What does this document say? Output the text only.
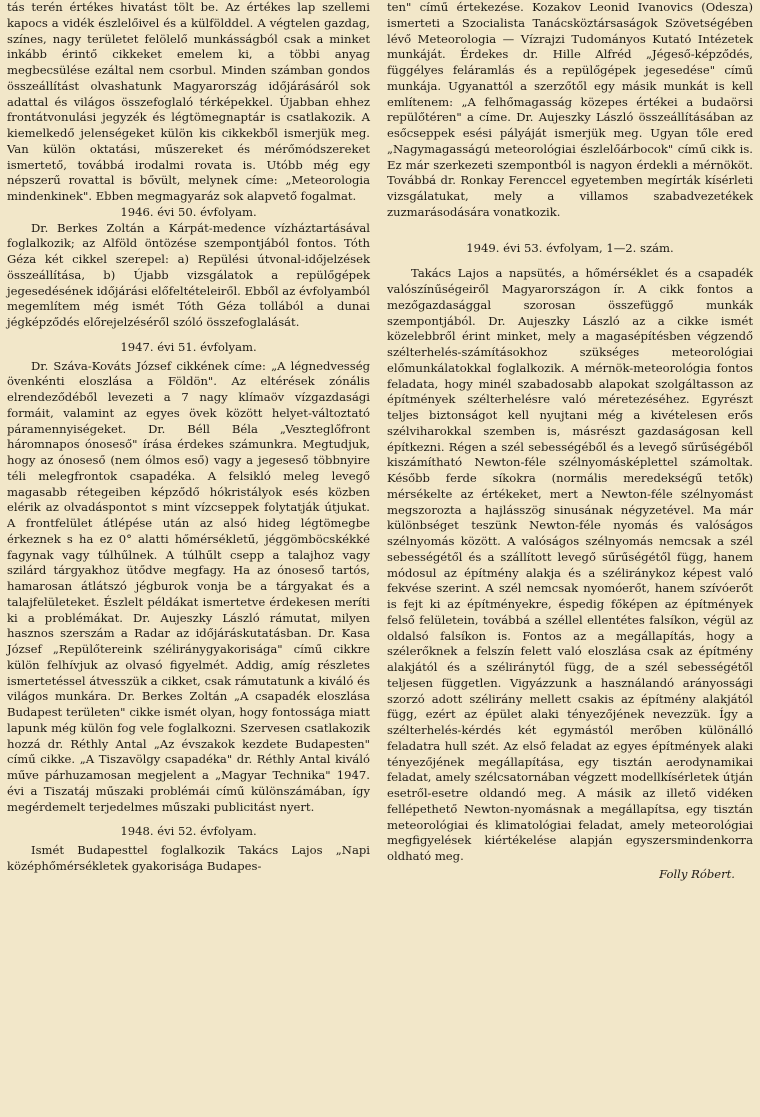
tás terén értékes hivatást tölt be. Az értékes lap szellemi kapocs a vidék észlelőivel és a külfölddel. A végtelen gazdag, színes, nagy területet felölelő munkásságból csak a minket inkább érintő cikkeket emelem ki, a többi anyag megbecsülése ezáltal nem csorbul. Minden számban gondos összeállítást olvashatunk Magyarország időjárásáról sok adattal és világos összefoglaló térképekkel. Újabban ehhez frontátvonulási jegyzék és légtömegnaptár is csatlakozik. A kiemelkedő jelenségeket külön kis cikkekből ismerjük meg. Van külön oktatási, műszereket és mérőmódszereket ismertető, továbbá irodalmi rovata is. Utóbb még egy népszerű rovattal is bővült, melynek címe: „Meteorologia mindenkinek". Ebben megmagyaráz sok alapvető fogalmat.

1946. évi 50. évfolyam.

Dr. Berkes Zoltán a Kárpát-medence vízháztartásával foglalkozik; az Alföld öntözése szempontjából fontos. Tóth Géza két cikkel szerepel: a) Repülési útvonal-időjelzések összeállítása, b) Újabb vizsgálatok a repülőgépek jegesedésének időjárási előfeltételeiről. Ebből az évfolyamból megemlítem még ismét Tóth Géza tollából a dunai jégképződés előrejelzéséről szóló összefoglalását.

1947. évi 51. évfolyam.

Dr. Száva-Kováts József cikkének címe: „A légnedvesség övenkénti eloszlása a Földön". Az eltérések zónális elrendeződéből levezeti a 7 nagy klímaöv vízgazdasági formáit, valamint az egyes övek között helyet-változtató páramennyiségeket. Dr. Béll Béla „Veszteglőfront háromnapos ónoseső" írása érdekes számunkra. Megtudjuk, hogy az ónoseső (nem ólmos eső) vagy a jegeseső többnyire téli melegfrontok csapadéka. A felsikló meleg levegő magasabb rétegeiben képződő hókristályok esés közben elérik az olvadáspontot s mint vízcseppek folytatják útjukat. A frontfelület átlépése után az alsó hideg légtömegbe érkeznek s ha ez 0° alatti hőmérsékletű, jéggömböcskékké fagynak vagy túlhűlnek. A túlhűlt csepp a talajhoz vagy szilárd tárgyakhoz ütődve megfagy. Ha az ónoseső tartós, hamarosan átlátszó jégburok vonja be a tárgyakat és a talajfelületeket. Észlelt példákat ismertetve érdekesen meríti ki a problémákat. Dr. Aujeszky László rámutat, milyen hasznos szerszám a Radar az időjáráskutatásban. Dr. Kasa József „Repülőtereink széliránygyakorisága" című cikkre külön felhívjuk az olvasó figyelmét. Addig, amíg részletes ismertetéssel átvesszük a cikket, csak rámutatunk a kiváló és világos munkára. Dr. Berkes Zoltán „A csapadék eloszlása Budapest területen" cikke ismét olyan, hogy fontossága miatt lapunk még külön fog vele foglalkozni. Szervesen csatlakozik hozzá dr. Réthly Antal „Az évszakok kezdete Budapesten" című cikke. „A Tiszavölgy csapadéka" dr. Réthly Antal kiváló műve párhuzamosan megjelent a „Magyar Technika" 1947. évi a Tiszatáj műszaki problémái című különszámában, így megérdemelt terjedelmes műszaki publicitást nyert.

1948. évi 52. évfolyam.

Ismét Budapesttel foglalkozik Takács Lajos „Napi középhőmérsékletek gyakorisága Budapes-

ten" című értekezése. Kozakov Leonid Ivanovics (Odesza) ismerteti a Szocialista Tanácsköztársaságok Szövetségében lévő Meteorologia — Vízrajzi Tudományos Kutató Intézetek munkáját. Érdekes dr. Hille Alfréd „Jégeső-képződés, függélyes feláramlás és a repülőgépek jegesedése" című munkája. Ugyanattól a szerzőtől egy másik munkát is kell említenem: „A felhőmagasság közepes értékei a budaörsi repülőtéren" a címe. Dr. Aujeszky László összeállításában az esőcseppek esési pályáját ismerjük meg. Ugyan tőle ered „Nagymagasságú meteorológiai észlelőárbocok" című cikk is. Ez már szerkezeti szempontból is nagyon érdekli a mérnököt. Továbbá dr. Ronkay Ferenccel egyetemben megírták kísérleti vizsgálatukat, mely a villamos szabadvezetékek zuzmarásodására vonatkozik.

1949. évi 53. évfolyam, 1—2. szám.

Takács Lajos a napsütés, a hőmérséklet és a csapadék valószínűségeiről Magyarországon ír. A cikk fontos a mezőgazdasággal szorosan összefüggő munkák szempontjából. Dr. Aujeszky László az a cikke ismét közelebbről érint minket, mely a magasépítésben végzendő szélterhelés-számításokhoz szükséges meteorológiai előmunkálatokkal foglalkozik. A mérnök-meteorológia fontos feladata, hogy minél szabadosabb alapokat szolgáltasson az építmények szélterhelésre való méretezéséhez. Egyrészt teljes biztonságot kell nyujtani még a kivételesen erős szélviharokkal szemben is, másrészt gazdaságosan kell építkezni. Régen a szél sebességéből és a levegő sűrűségéből kiszámítható Newton-féle szélnyomásképlettel számoltak. Később ferde síkokra (normális meredekségű tetők) mérsékelte az értékeket, mert a Newton-féle szélnyomást megszorozta a hajlásszög sinusának négyzetével. Ma már különbséget teszünk Newton-féle nyomás és valóságos szélnyomás között. A valóságos szélnyomás nemcsak a szél sebességétől és a szállított levegő sűrűségétől függ, hanem módosul az építmény alakja és a széliránykoz képest való fekvése szerint. A szél nemcsak nyomóerőt, hanem szívóerőt is fejt ki az építményekre, éspedig főképen az építmények felső felületein, továbbá a széllel ellentétes falsíkon, végül az oldalsó falsíkon is. Fontos az a megállapítás, hogy a szélerőknek a felszín felett való eloszlása csak az építmény alakjától és a széliránytól függ, de a szél sebességétől teljesen független. Vigyázzunk a használandó arányossági szorzó adott széliránу mellett csakis az építmény alakjától függ, ezért az épület alaki tényezőjének nevezzük. Így a szélterhelés-kérdés két egymástól merőben különálló feladatra hull szét. Az első feladat az egyes építmények alaki tényezőjének megállapítása, egy tisztán aerodynamikai feladat, amely szélcsatornában végzett modellkísérletek útján esetről-esetre oldandó meg. A másik az illető vidéken fellépethető Newton-nyomásnak a megállapítsa, egy tisztán meteorológiai és klimatológiai feladat, amely meteorológiai megfigyelések kiértékelése alapján egyszersmindenkorra oldható meg.

Folly Róbert.
